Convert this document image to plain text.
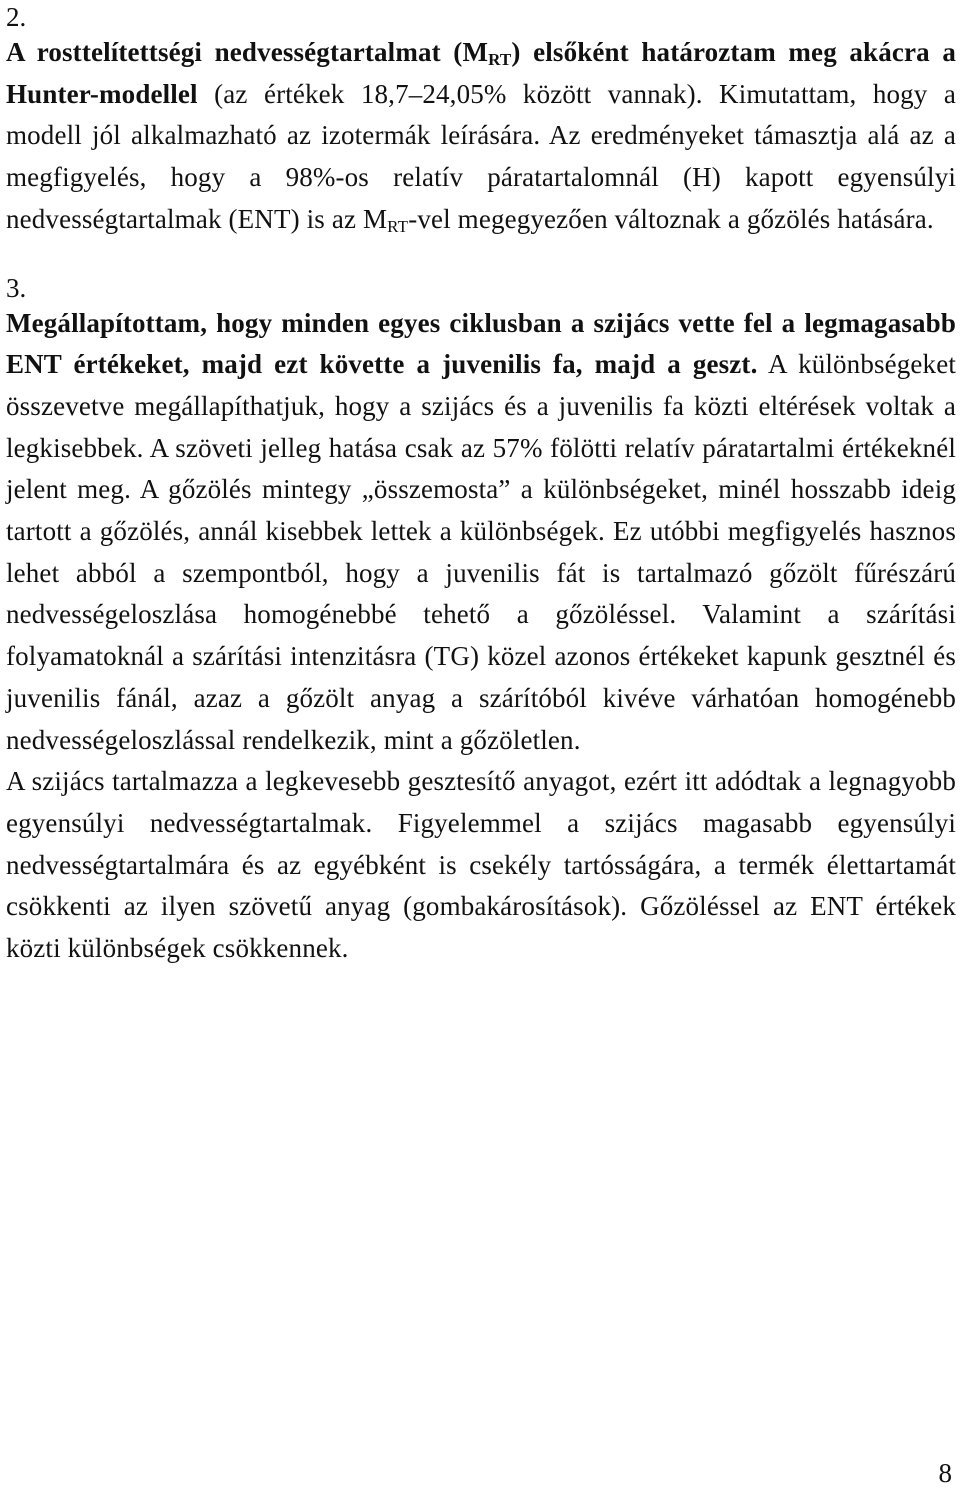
2.

A rosttelítettségi nedvességtartalmat $(M_{RT})$ elsőként határoztam meg akácra a Hunter-modellel (az értékek 18,7–24,05% között vannak). Kimutattam, hogy a modell jól alkalmazható az izotermák leírására. Az eredményeket támasztja alá az a megfigyelés, hogy a 98%-os relatív páratartalomnál (H) kapott egyensúlyi nedvességtartalmak (ENT) is az $M_{RT}$-vel megegyezően változnak a gőzölés hatására.

3.

Megállapítottam, hogy minden egyes ciklusban a szijács vette fel a legmagasabb ENT értékeket, majd ezt követte a juvenilis fa, majd a geszt. A különbségeket összevetve megállapíthatjuk, hogy a szijács és a juvenilis fa közti eltérések voltak a legkisebbek. A szöveti jelleg hatása csak az 57% fölötti relatív páratartalmi értékeknél jelent meg. A gőzölés mintegy „összemosta” a különbségeket, minél hosszabb ideig tartott a gőzölés, annál kisebbek lettek a különbségek. Ez utóbbi megfigyelés hasznos lehet abból a szempontból, hogy a juvenilis fát is tartalmazó gőzölt fűrészárú nedvességeloszlása homogénebbé tehető a gőzöléssel. Valamint a szárítási folyamatoknál a szárítási intenzitásra (TG) közel azonos értékeket kapunk gesztnél és juvenilis fánál, azaz a gőzölt anyag a szárítóból kivéve várhatóan homogénebb nedvességeloszlással rendelkezik, mint a gőzöletlen.

A szijács tartalmazza a legkevesebb gesztesítő anyagot, ezért itt adódtak a legnagyobb egyensúlyi nedvességtartalmak. Figyelemmel a szijács magasabb egyensúlyi nedvességtartalmára és az egyébként is csekély tartósságára, a termék élettartamát csökkenti az ilyen szövetű anyag (gombakárosítások). Gőzöléssel az ENT értékek közti különbségek csökkennek.

8
